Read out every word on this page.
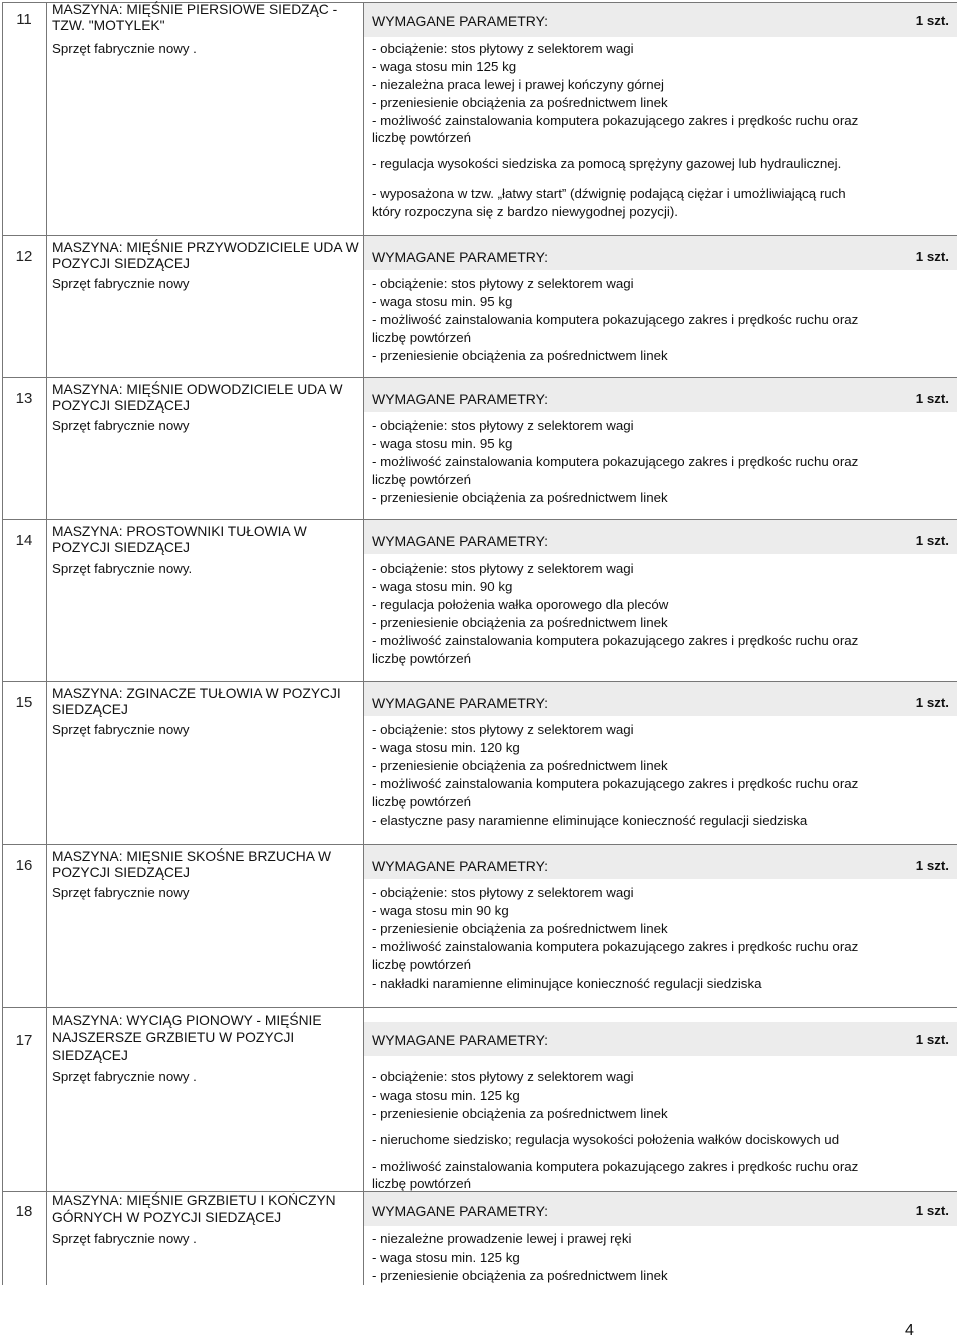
11
MASZYNA: MIĘŚNIE PIERSIOWE SIEDZĄC -
TZW. "MOTYLEK"
Sprzęt fabrycznie nowy .
WYMAGANE PARAMETRY:	1 szt.
- obciążenie: stos płytowy z selektorem wagi
- waga stosu min 125 kg
- niezależna praca lewej i prawej kończyny górnej
- przeniesienie obciążenia za pośrednictwem linek
- możliwość zainstalowania komputera pokazującego zakres i prędkośc ruchu oraz
liczbę powtórzeń
- regulacja wysokości siedziska za pomocą sprężyny gazowej lub hydraulicznej.
- wyposażona w tzw. „łatwy start” (dźwignię podającą ciężar i umożliwiającą ruch
który rozpoczyna się z bardzo niewygodnej pozycji).
12
MASZYNA: MIĘŚNIE PRZYWODZICIELE UDA W
POZYCJI SIEDZĄCEJ
Sprzęt fabrycznie nowy
WYMAGANE PARAMETRY:	1 szt.
- obciążenie: stos płytowy z selektorem wagi
- waga stosu min. 95 kg
- możliwość zainstalowania komputera pokazującego zakres i prędkośc ruchu oraz
liczbę powtórzeń
- przeniesienie obciążenia za pośrednictwem linek
13
MASZYNA: MIĘŚNIE ODWODZICIELE UDA W
POZYCJI SIEDZĄCEJ
Sprzęt fabrycznie nowy
WYMAGANE PARAMETRY:	1 szt.
- obciążenie: stos płytowy z selektorem wagi
- waga stosu min. 95 kg
- możliwość zainstalowania komputera pokazującego zakres i prędkośc ruchu oraz
liczbę powtórzeń
- przeniesienie obciążenia za pośrednictwem linek
14
MASZYNA: PROSTOWNIKI TUŁOWIA W
POZYCJI SIEDZĄCEJ
Sprzęt fabrycznie nowy.
WYMAGANE PARAMETRY:	1 szt.
- obciążenie: stos płytowy z selektorem wagi
- waga stosu min. 90 kg
- regulacja położenia wałka oporowego dla pleców
- przeniesienie obciążenia za pośrednictwem linek
- możliwość zainstalowania komputera pokazującego zakres i prędkośc ruchu oraz
liczbę powtórzeń
15
MASZYNA: ZGINACZE TUŁOWIA W POZYCJI
SIEDZĄCEJ
Sprzęt fabrycznie nowy
WYMAGANE PARAMETRY:	1 szt.
- obciążenie: stos płytowy z selektorem wagi
- waga stosu min. 120 kg
- przeniesienie obciążenia za pośrednictwem linek
- możliwość zainstalowania komputera pokazującego zakres i prędkośc ruchu oraz
liczbę powtórzeń
- elastyczne pasy naramienne eliminujące konieczność regulacji siedziska
16
MASZYNA: MIĘSNIE SKOŚNE BRZUCHA W
POZYCJI SIEDZĄCEJ
Sprzęt fabrycznie nowy
WYMAGANE PARAMETRY:	1 szt.
- obciążenie: stos płytowy z selektorem wagi
- waga stosu min 90 kg
- przeniesienie obciążenia za pośrednictwem linek
- możliwość zainstalowania komputera pokazującego zakres i prędkośc ruchu oraz
liczbę powtórzeń
- nakładki naramienne eliminujące konieczność regulacji siedziska
17
MASZYNA: WYCIĄG PIONOWY - MIĘŚNIE
NAJSZERSZE GRZBIETU W POZYCJI
SIEDZĄCEJ
Sprzęt fabrycznie nowy .
WYMAGANE PARAMETRY:	1 szt.
- obciążenie: stos płytowy z selektorem wagi
- waga stosu min. 125 kg
- przeniesienie obciążenia za pośrednictwem linek
- nieruchome siedzisko; regulacja wysokości położenia wałków dociskowych ud
- możliwość zainstalowania komputera pokazującego zakres i prędkośc ruchu oraz
liczbę powtórzeń
18
MASZYNA: MIĘŚNIE GRZBIETU I KOŃCZYN
GÓRNYCH W POZYCJI SIEDZĄCEJ
Sprzęt fabrycznie nowy .
WYMAGANE PARAMETRY:	1 szt.
- niezależne prowadzenie lewej i prawej ręki
- waga stosu min. 125 kg
- przeniesienie obciążenia za pośrednictwem linek
4
